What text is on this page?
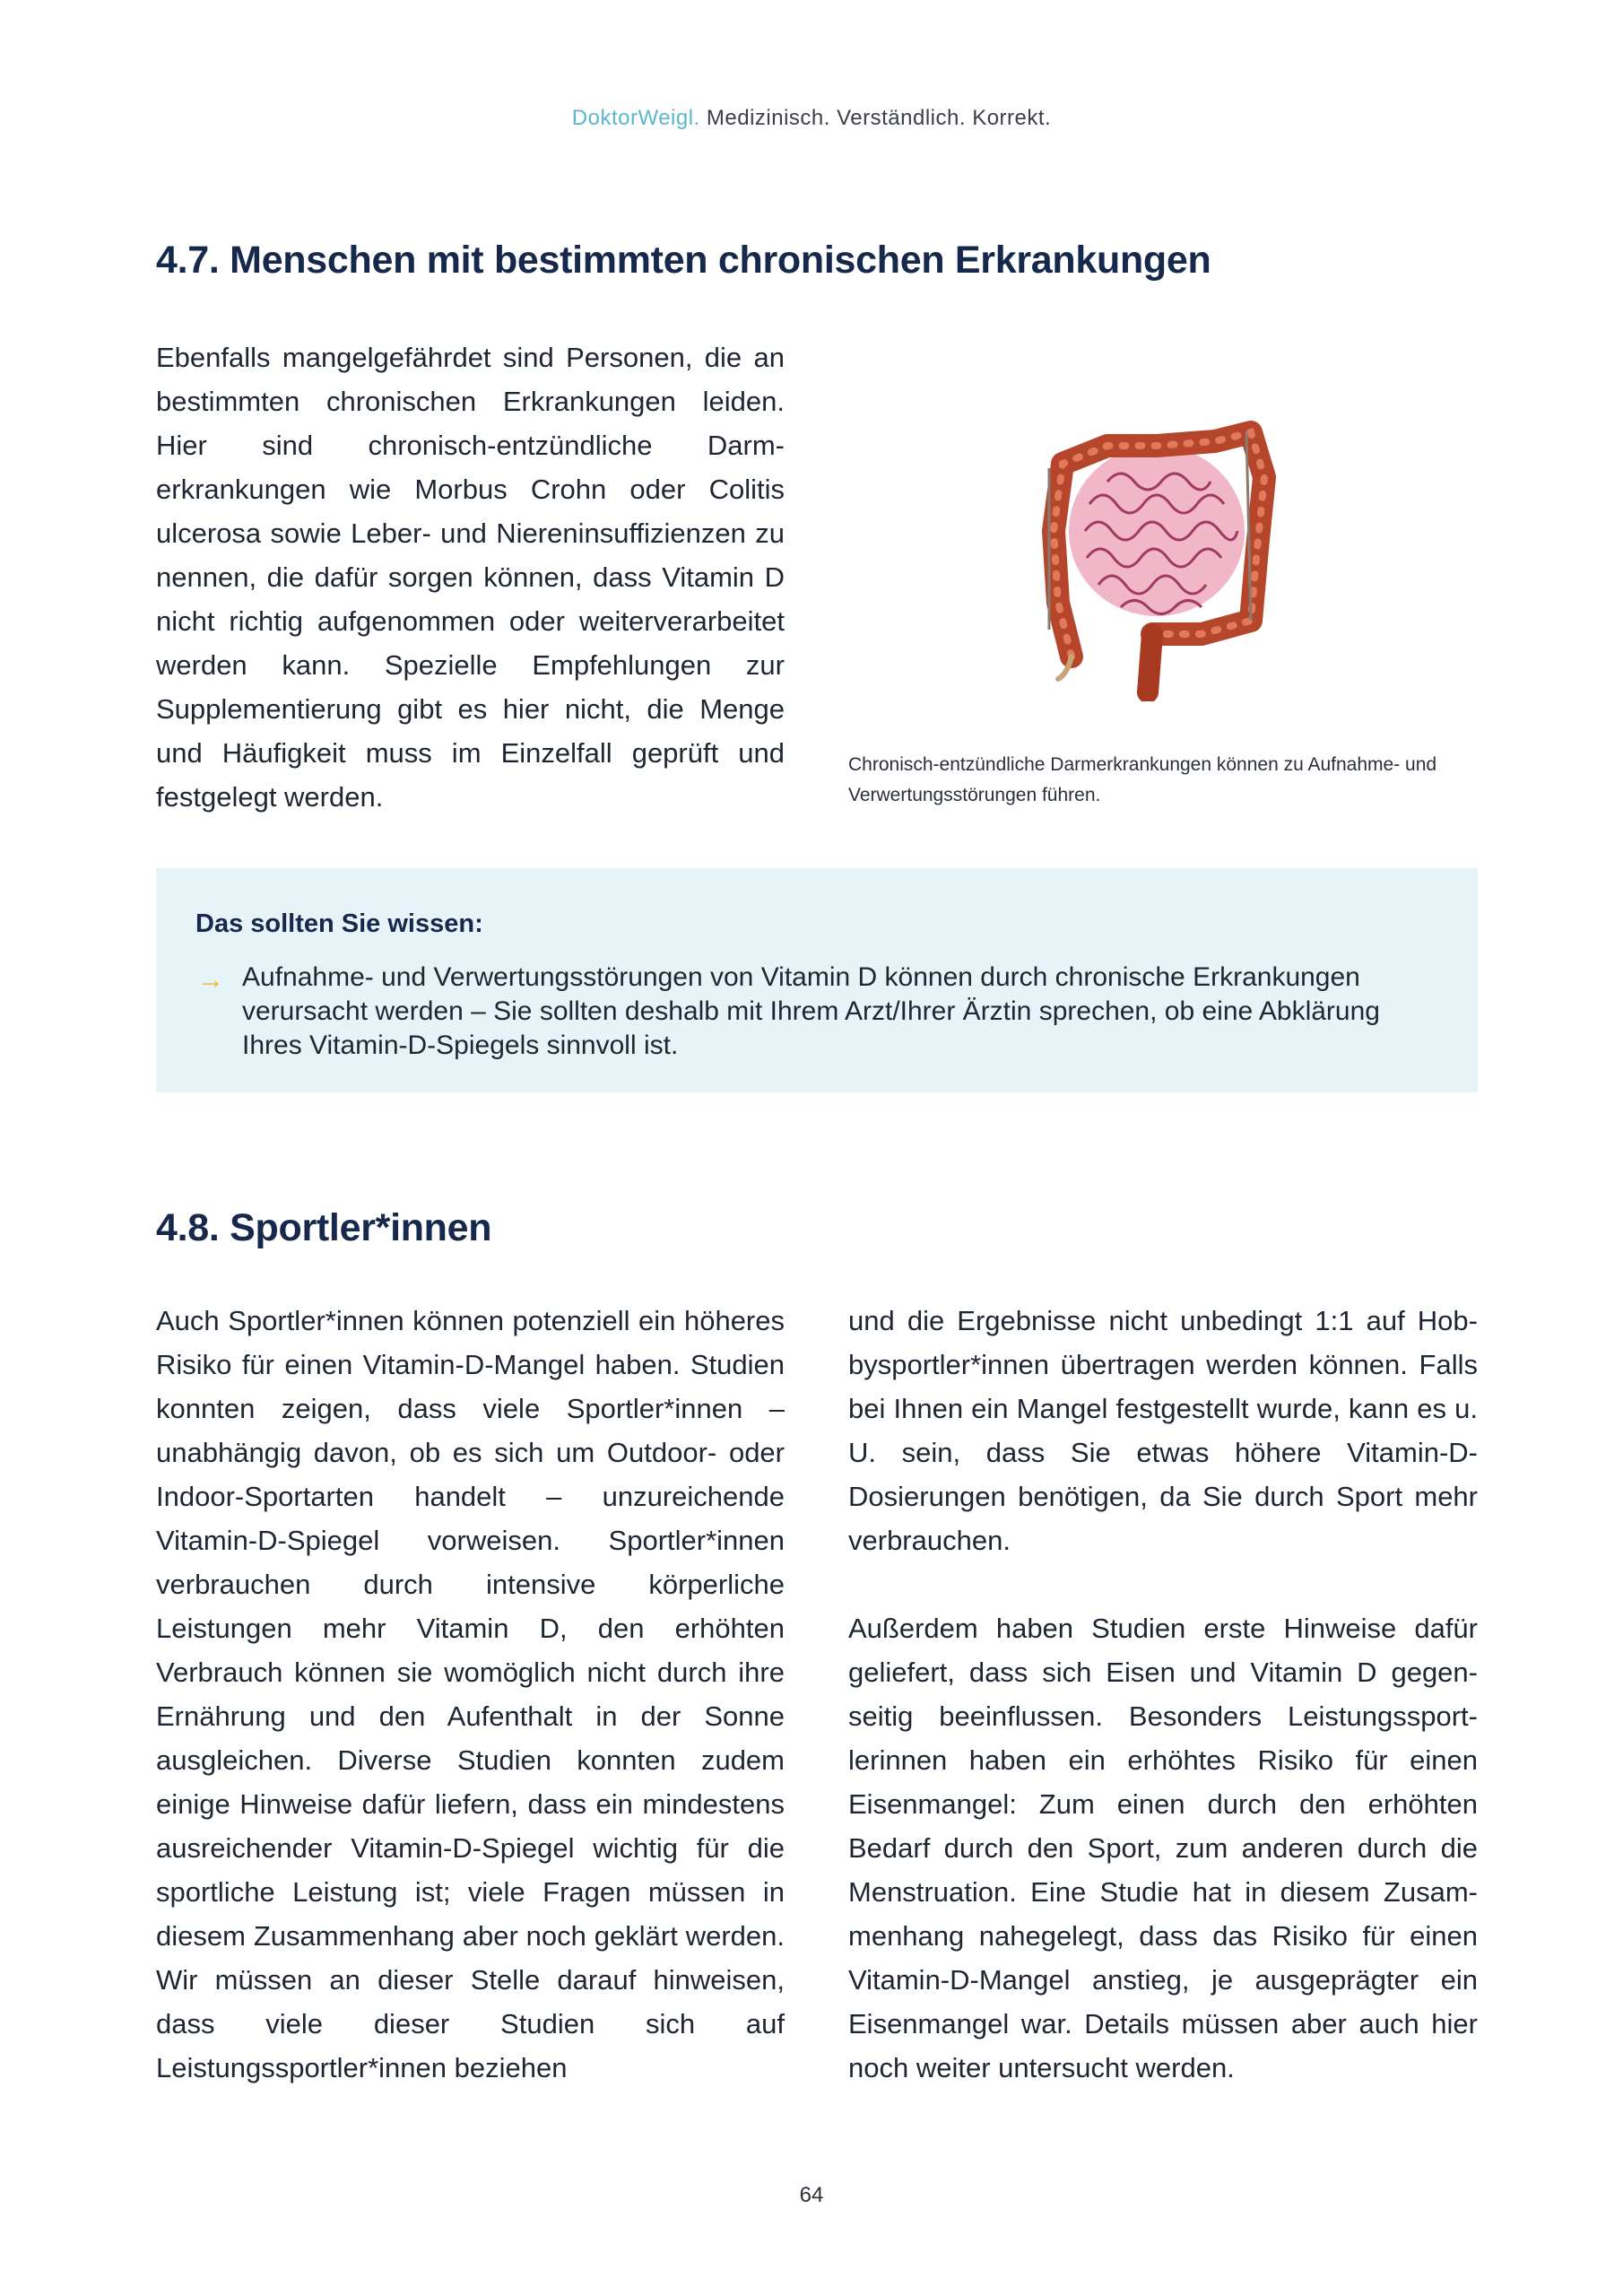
DoktorWeigl. Medizinisch. Verständlich. Korrekt.
4.7. Menschen mit bestimmten chronischen Erkrankungen

Ebenfalls mangelgefährdet sind Personen, die an bestimmten chronischen Erkrankungen leiden. Hier sind chronisch-entzündliche Darmerkrankungen wie Morbus Crohn oder Colitis ulcerosa sowie Leber- und Niereninsuffizienzen zu nennen, die dafür sorgen können, dass Vitamin D nicht richtig aufgenommen oder weiterverarbeitet werden kann. Spezielle Empfehlungen zur Supplementierung gibt es hier nicht, die Menge und Häufigkeit muss im Einzelfall geprüft und festgelegt werden.

Chronisch-entzündliche Darmerkrankungen können zu Aufnahme- und Verwertungsstörungen führen.
Das sollten Sie wissen:
→ Aufnahme- und Verwertungsstörungen von Vitamin D können durch chronische Erkrankungen verursacht werden – Sie sollten deshalb mit Ihrem Arzt/Ihrer Ärztin sprechen, ob eine Abklärung Ihres Vitamin-D-Spiegels sinnvoll ist.
4.8. Sportler*innen

Auch Sportler*innen können potenziell ein höheres Risiko für einen Vitamin-D-Mangel haben. Studien konnten zeigen, dass viele Sportler*innen – unabhängig davon, ob es sich um Outdoor- oder Indoor-Sportarten handelt – unzureichende Vitamin-D-Spiegel vorweisen. Sportler*innen verbrauchen durch intensive körperliche Leistungen mehr Vitamin D, den erhöhten Verbrauch können sie womöglich nicht durch ihre Ernährung und den Aufenthalt in der Sonne ausgleichen. Diverse Studien konnten zudem einige Hinweise dafür liefern, dass ein mindestens ausreichender Vitamin-D-Spiegel wichtig für die sportliche Leistung ist; viele Fragen müssen in diesem Zusammenhang aber noch geklärt werden. Wir müssen an dieser Stelle darauf hinweisen, dass viele dieser Studien sich auf Leistungssportler*innen beziehen

und die Ergebnisse nicht unbedingt 1:1 auf Hobbysportler*innen übertragen werden können. Falls bei Ihnen ein Mangel festgestellt wurde, kann es u. U. sein, dass Sie etwas höhere Vitamin-D-Dosierungen benötigen, da Sie durch Sport mehr verbrauchen.

Außerdem haben Studien erste Hinweise dafür geliefert, dass sich Eisen und Vitamin D gegenseitig beeinflussen. Besonders Leistungssportlerinnen haben ein erhöhtes Risiko für einen Eisenmangel: Zum einen durch den erhöhten Bedarf durch den Sport, zum anderen durch die Menstruation. Eine Studie hat in diesem Zusammenhang nahegelegt, dass das Risiko für einen Vitamin-D-Mangel anstieg, je ausgeprägter ein Eisenmangel war. Details müssen aber auch hier noch weiter untersucht werden.

64
